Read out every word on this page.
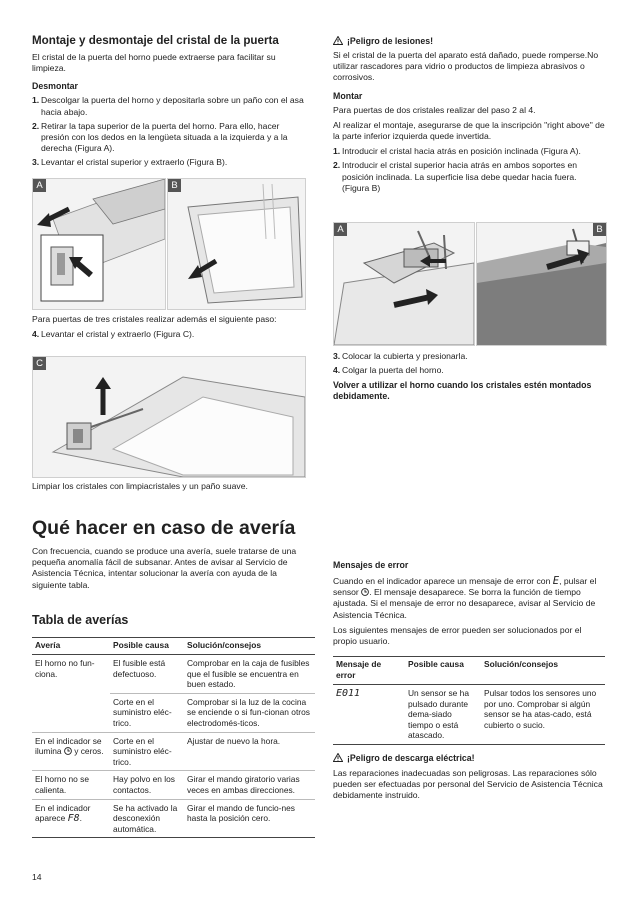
Montaje y desmontaje del cristal de la puerta

El cristal de la puerta del horno puede extraerse para facilitar su limpieza.

Desmontar

1. Descolgar la puerta del horno y depositarla sobre un paño con el asa hacia abajo.
2. Retirar la tapa superior de la puerta del horno. Para ello, hacer presión con los dedos en la lengüeta situada a la izquierda y a la derecha (Figura A).
3. Levantar el cristal superior y extraerlo (Figura B).
A	B

Para puertas de tres cristales realizar además el siguiente paso:

4. Levantar el cristal y extraerlo (Figura C).
C

Limpiar los cristales con limpiacristales y un paño suave.

¡Peligro de lesiones!

Si el cristal de la puerta del aparato está dañado, puede romperse.No utilizar rascadores para vidrio o productos de limpieza abrasivos o corrosivos.

Montar

Para puertas de dos cristales realizar del paso 2 al 4.

Al realizar el montaje, asegurarse de que la inscripción "right above" de la parte inferior izquierda quede invertida.

1. Introducir el cristal hacia atrás en posición inclinada (Figura A).
2. Introducir el cristal superior hacia atrás en ambos soportes en posición inclinada. La superficie lisa debe quedar hacia fuera. (Figura B)
A	B
3. Colocar la cubierta y presionarla.
4. Colgar la puerta del horno.

Volver a utilizar el horno cuando los cristales estén montados debidamente.

Qué hacer en caso de avería

Con frecuencia, cuando se produce una avería, suele tratarse de una pequeña anomalía fácil de subsanar. Antes de avisar al Servicio de Asistencia Técnica, intentar solucionar la avería con ayuda de la siguiente tabla.

Tabla de averías

Avería	Posible causa	Solución/consejos
El horno no fun-ciona.	El fusible está defectuoso.	Comprobar en la caja de fusibles que el fusible se encuentra en buen estado.
	Corte en el suministro eléc-trico.	Comprobar si la luz de la cocina se enciende o si fun-cionan otros electrodomés-ticos.
En el indicador se ilumina y ceros.	Corte en el suministro eléc-trico.	Ajustar de nuevo la hora.
El horno no se calienta.	Hay polvo en los contactos.	Girar el mando giratorio varias veces en ambas direcciones.
En el indicador aparece F8.	Se ha activado la desconexión automática.	Girar el mando de funcio-nes hasta la posición cero.

Mensajes de error

Cuando en el indicador aparece un mensaje de error con E, pulsar el sensor . El mensaje desaparece. Se borra la función de tiempo ajustada. Si el mensaje de error no desaparece, avisar al Servicio de Asistencia Técnica.

Los siguientes mensajes de error pueden ser solucionados por el propio usuario.

Mensaje de error	Posible causa	Solución/consejos
E011	Un sensor se ha pulsado durante dema-siado tiempo o está atascado.	Pulsar todos los sensores uno por uno. Comprobar si algún sensor se ha atas-cado, está cubierto o sucio.

¡Peligro de descarga eléctrica!

Las reparaciones inadecuadas son peligrosas. Las reparaciones sólo pueden ser efectuadas por personal del Servicio de Asistencia Técnica debidamente instruido.

14
